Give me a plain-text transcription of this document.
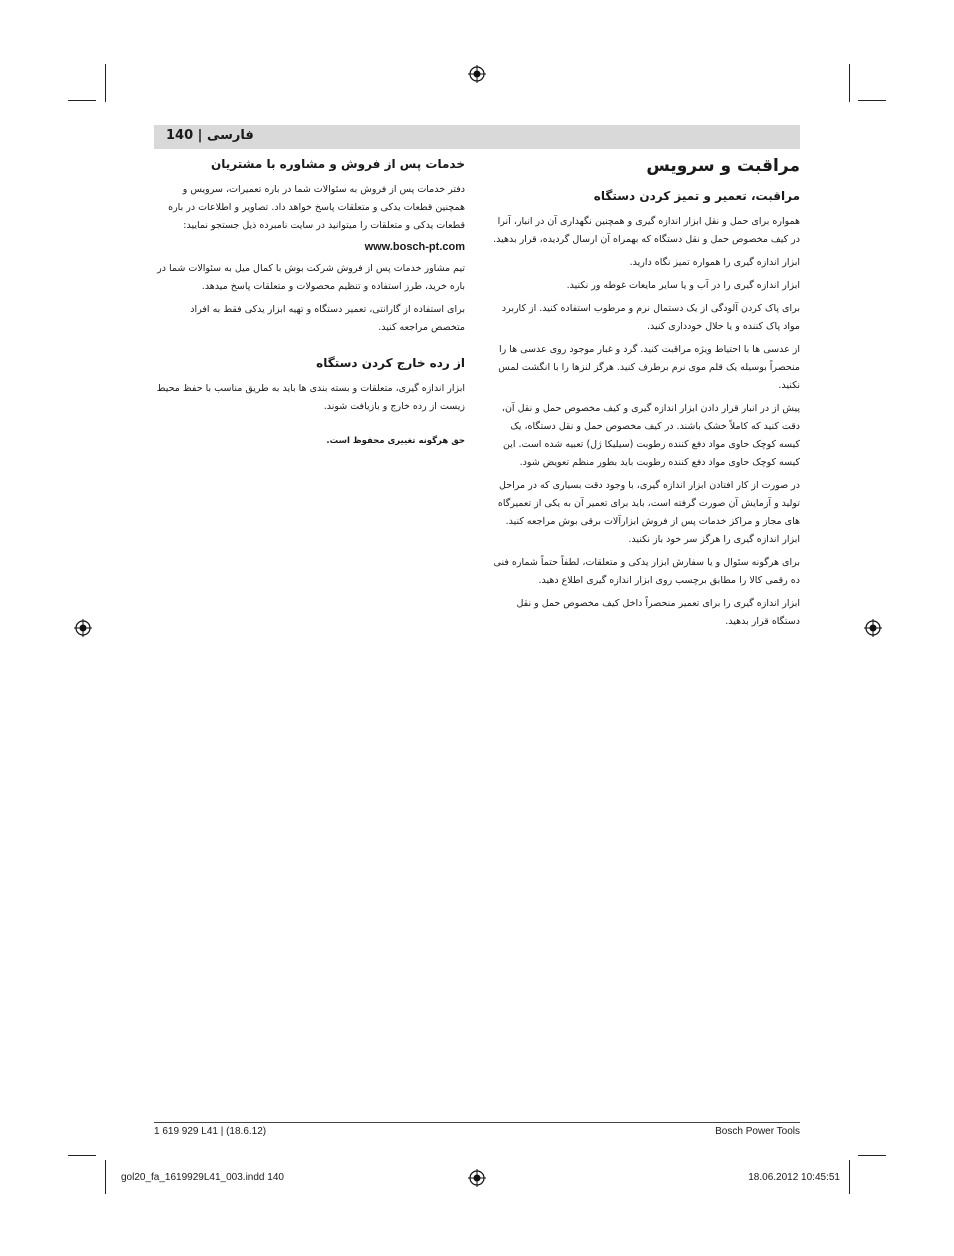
فارسی | 140
مراقبت و سرویس
مراقبت، تعمیر و تمیز کردن دستگاه
همواره برای حمل و نقل ابزار اندازه گیری و همچنین نگهداری آن در انبار، آنرا در کیف مخصوص حمل و نقل دستگاه که بهمراه آن ارسال گردیده، قرار بدهید.
ابزار اندازه گیری را همواره تمیز نگاه دارید.
ابزار اندازه گیری را در آب و یا سایر مایعات غوطه ور نکنید.
برای پاک کردن آلودگی از یک دستمال نرم و مرطوب استفاده کنید. از کاربرد مواد پاک کننده و یا حلال خودداری کنید.
از عدسی ها با احتیاط ویژه مراقبت کنید. گرد و غبار موجود روی عدسی ها را منحصراً بوسیله یک قلم موی نرم برطرف کنید. هرگز لنزها را با انگشت لمس نکنید.
پیش از در انبار قرار دادن ابزار اندازه گیری و کیف مخصوص حمل و نقل آن، دقت کنید که کاملاً خشک باشند. در کیف مخصوص حمل و نقل دستگاه، یک کیسه کوچک حاوی مواد دفع کننده رطوبت (سیلیکا ژل) تعبیه شده است. این کیسه کوچک حاوی مواد دفع کننده رطوبت باید بطور منظم تعویض شود.
در صورت از کار افتادن ابزار اندازه گیری، با وجود دقت بسیاری که در مراحل تولید و آزمایش آن صورت گرفته است، باید برای تعمیر آن به یکی از تعمیرگاه های مجاز و مراکز خدمات پس از فروش ابزارآلات برقی بوش مراجعه کنید. ابزار اندازه گیری را هرگز سر خود باز نکنید.
برای هرگونه سئوال و یا سفارش ابزار یدکی و متعلقات، لطفاً حتماً شماره فنی ده رقمی کالا را مطابق برچسب روی ابزار اندازه گیری اطلاع دهید.
ابزار اندازه گیری را برای تعمیر منحصراً داخل کیف مخصوص حمل و نقل دستگاه قرار بدهید.
خدمات پس از فروش و مشاوره با مشتریان
دفتر خدمات پس از فروش به سئوالات شما در باره تعمیرات، سرویس و همچنین قطعات یدکی و متعلقات پاسخ خواهد داد. تصاویر و اطلاعات در باره قطعات یدکی و متعلقات را میتوانید در سایت نامبرده ذیل جستجو نمایید:
www.bosch-pt.com
تیم مشاور خدمات پس از فروش شرکت بوش با کمال میل به سئوالات شما در باره خرید، طرز استفاده و تنظیم محصولات و متعلقات پاسخ میدهد.
برای استفاده از گارانتی، تعمیر دستگاه و تهیه ابزار یدکی فقط به افراد متخصص مراجعه کنید.
از رده خارج کردن دستگاه
ابزار اندازه گیری، متعلقات و بسته بندی ها باید به طریق مناسب با حفظ محیط زیست از رده خارج و بازیافت شوند.
حق هرگونه تغییری محفوظ است.
1 619 929 L41 | (18.6.12)	Bosch Power Tools
gol20_fa_1619929L41_003.indd 140	18.06.2012 10:45:51
